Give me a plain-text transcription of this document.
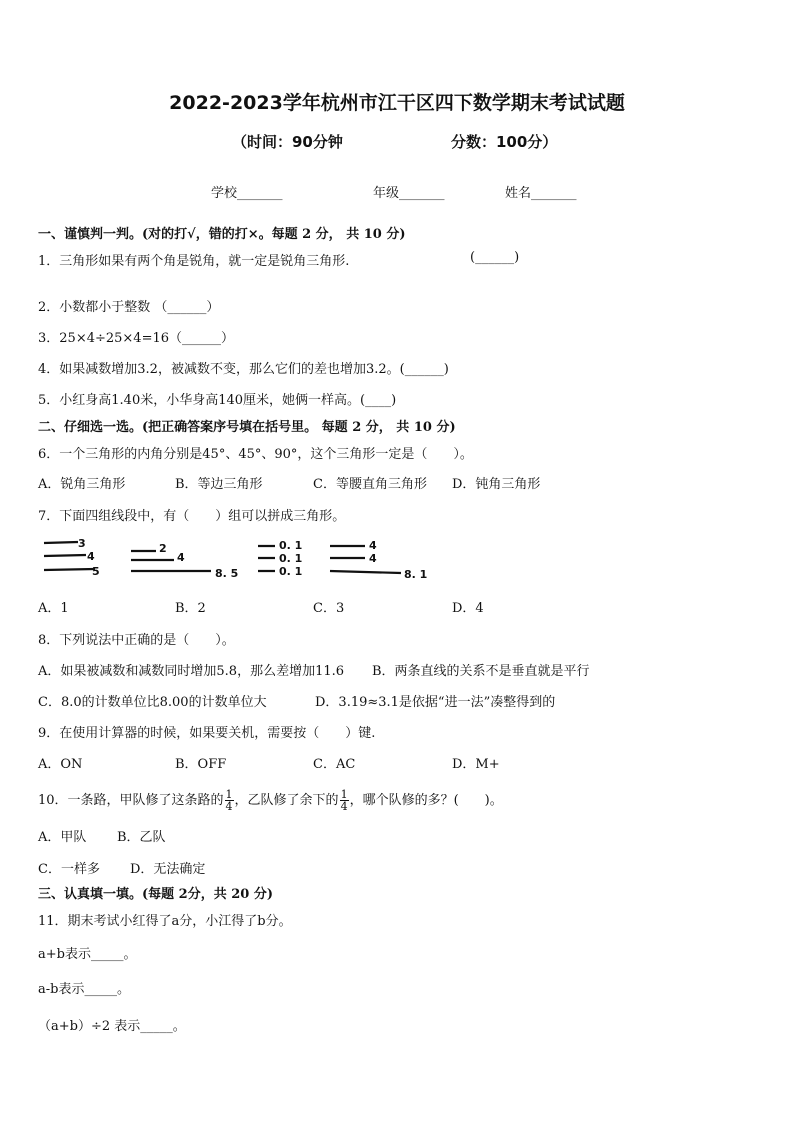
2022-2023学年杭州市江干区四下数学期末考试试题
（时间：90分钟	分数：100分）
学校_______	年级_______	姓名_______
一、谨慎判一判。(对的打√，错的打×。每题 2 分， 共 10 分)
1．三角形如果有两个角是锐角，就一定是锐角三角形.	(______)
2．小数都小于整数 （______）
3．25×4÷25×4=16（______）
4．如果减数增加3.2，被减数不变，那么它们的差也增加3.2。(______)
5．小红身高1.40米，小华身高140厘米，她俩一样高。(____)
二、仔细选一选。(把正确答案序号填在括号里。 每题 2 分， 共 10 分)
6．一个三角形的内角分别是45°、45°、90°，这个三角形一定是（　　）。
A．锐角三角形	B．等边三角形	C．等腰直角三角形 D．钝角三角形
7．下面四组线段中，有（　　）组可以拼成三角形。
3
4
5
2
4
8. 5
0. 1
0. 1
0. 1
4
4
8. 1
A．1	B．2	C．3	D．4
8．下列说法中正确的是（　　）。
A．如果被减数和减数同时增加5.8，那么差增加11.6 B．两条直线的关系不是垂直就是平行
C．8.0的计数单位比8.00的计数单位大	D．3.19≈3.1是依据“进一法”凑整得到的
9．在使用计算器的时候，如果要关机，需要按（　　）键.
A．ON	B．OFF	C．AC	D．M+
10．一条路，甲队修了这条路的 $\frac{1}{4}$ ，乙队修了余下的 $\frac{1}{4}$ ，哪个队修的多？(　　)。
A．甲队 B．乙队
C．一样多 D．无法确定
三、认真填一填。(每题 2分，共 20 分)
11．期末考试小红得了a分，小江得了b分。
a+b表示_____。
a-b表示_____。
（a+b）÷2 表示_____。
